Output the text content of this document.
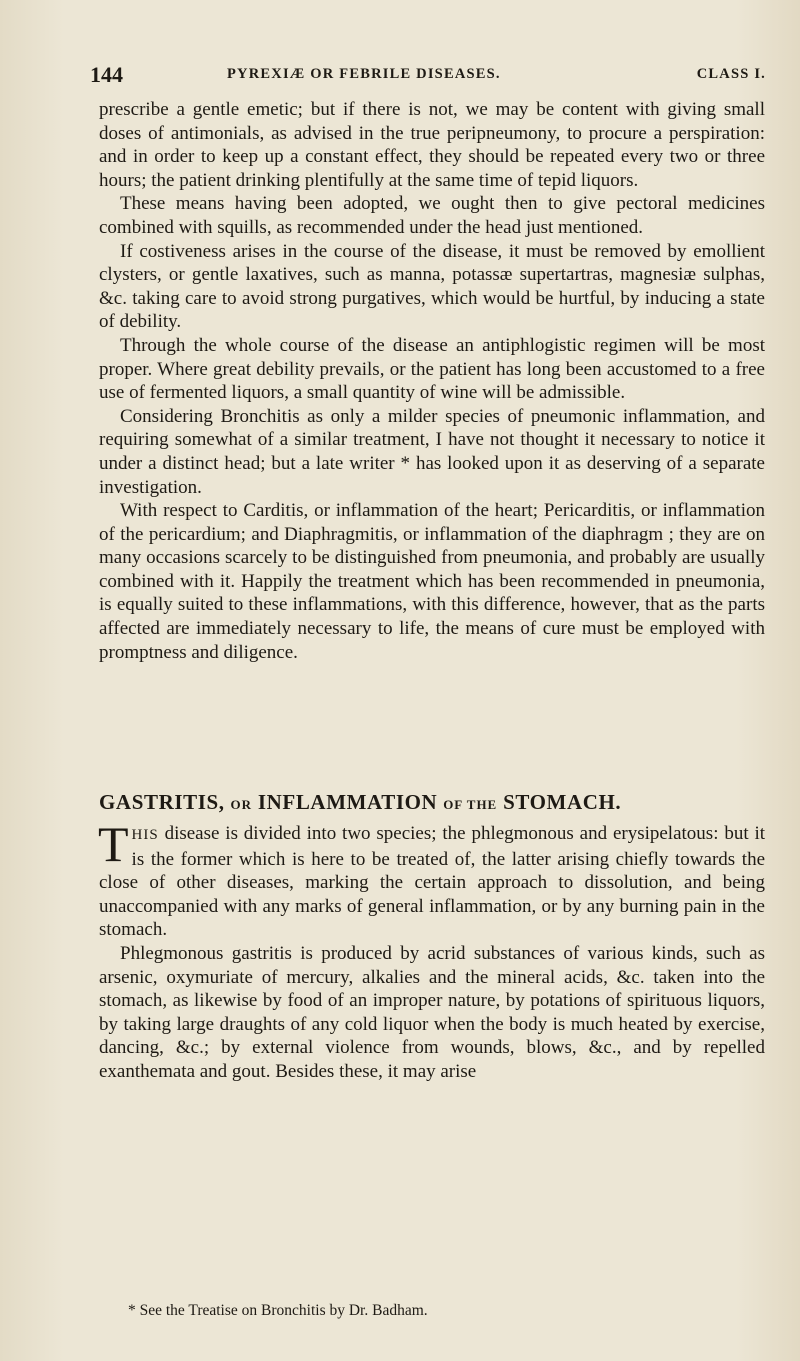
144	PYREXIÆ OR FEBRILE DISEASES.	CLASS I.

prescribe a gentle emetic; but if there is not, we may be content with giving small doses of antimonials, as advised in the true peripneumony, to procure a perspiration: and in order to keep up a constant effect, they should be repeated every two or three hours; the patient drinking plentifully at the same time of tepid liquors.

These means having been adopted, we ought then to give pectoral medicines combined with squills, as recommended under the head just mentioned.

If costiveness arises in the course of the disease, it must be removed by emollient clysters, or gentle laxatives, such as manna, potassæ supertartras, magnesiæ sulphas, &c. taking care to avoid strong purgatives, which would be hurtful, by inducing a state of debility.

Through the whole course of the disease an antiphlogistic regimen will be most proper. Where great debility prevails, or the patient has long been accustomed to a free use of fermented liquors, a small quantity of wine will be admissible.

Considering Bronchitis as only a milder species of pneumonic inflammation, and requiring somewhat of a similar treatment, I have not thought it necessary to notice it under a distinct head; but a late writer * has looked upon it as deserving of a separate investigation.

With respect to Carditis, or inflammation of the heart; Pericarditis, or inflammation of the pericardium; and Diaphragmitis, or inflammation of the diaphragm ; they are on many occasions scarcely to be distinguished from pneumonia, and probably are usually combined with it. Happily the treatment which has been recommended in pneumonia, is equally suited to these inflammations, with this difference, however, that as the parts affected are immediately necessary to life, the means of cure must be employed with promptness and diligence.

GASTRITIS, OR INFLAMMATION OF THE STOMACH.

THIS disease is divided into two species; the phlegmonous and erysipelatous: but it is the former which is here to be treated of, the latter arising chiefly towards the close of other diseases, marking the certain approach to dissolution, and being unaccompanied with any marks of general inflammation, or by any burning pain in the stomach.

Phlegmonous gastritis is produced by acrid substances of various kinds, such as arsenic, oxymuriate of mercury, alkalies and the mineral acids, &c. taken into the stomach, as likewise by food of an improper nature, by potations of spirituous liquors, by taking large draughts of any cold liquor when the body is much heated by exercise, dancing, &c.; by external violence from wounds, blows, &c., and by repelled exanthemata and gout. Besides these, it may arise

* See the Treatise on Bronchitis by Dr. Badham.
